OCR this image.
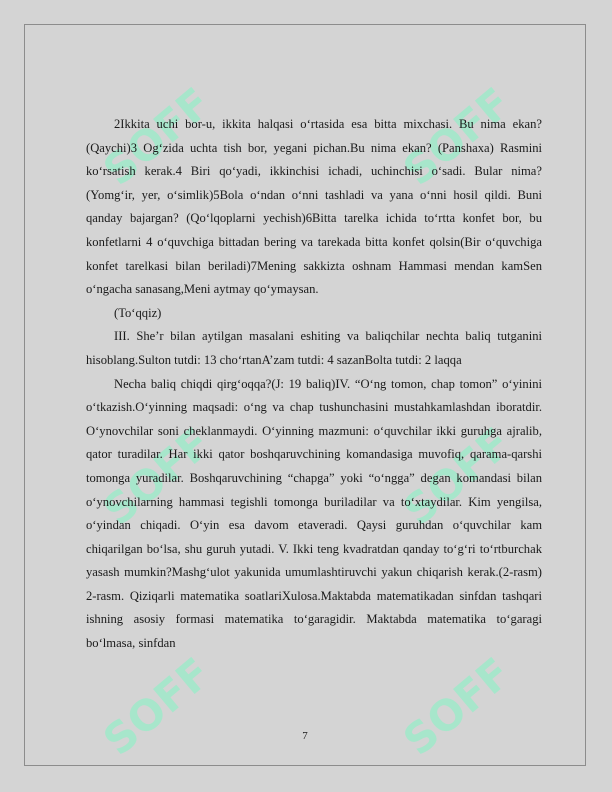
SOFF	SOFF
SOFF	SOFF
SOFF	SOFF

2Ikkita uchi bor-u, ikkita halqasi o‘rtasida esa bitta mixchasi. Bu nima ekan? (Qaychi)3 Og‘zida uchta tish bor, yegani pichan.Bu nima ekan? (Panshaxa) Rasmini ko‘rsatish kerak.4 Biri qo‘yadi, ikkinchisi ichadi, uchinchisi o‘sadi. Bular nima? (Yomg‘ir, yer, o‘simlik)5Bola o‘ndan o‘nni tashladi va yana o‘nni hosil qildi. Buni qanday bajargan? (Qo‘lqoplarni yechish)6Bitta tarelka ichida to‘rtta konfet bor, bu konfetlarni 4 o‘quvchiga bittadan bering va tarekada bitta konfet qolsin(Bir o‘quvchiga konfet tarelkasi bilan beriladi)7Mening sakkizta oshnam Hammasi mendan kamSen o‘ngacha sanasang,Meni aytmay qo‘ymaysan.

(To‘qqiz)

III. She’r bilan aytilgan masalani eshiting va baliqchilar nechta baliq tutganini hisoblang.Sulton tutdi: 13 cho‘rtanA’zam tutdi: 4 sazanBolta tutdi: 2 laqqa

Necha baliq chiqdi qirg‘oqqa?(J: 19 baliq)IV. “O‘ng tomon, chap tomon” o‘yinini o‘tkazish.O‘yinning maqsadi: o‘ng va chap tushunchasini mustahkamlashdan iboratdir. O‘ynovchilar soni cheklanmaydi. O‘yinning mazmuni: o‘quvchilar ikki guruhga ajralib, qator turadilar. Har ikki qator boshqaruvchining komandasiga muvofiq, qarama-qarshi tomonga yuradilar. Boshqaruvchining “chapga” yoki “o‘ngga” degan komandasi bilan o‘ynovchilarning hammasi tegishli tomonga buriladilar va to‘xtaydilar. Kim yengilsa, o‘yindan chiqadi. O‘yin esa davom etaveradi. Qaysi guruhdan o‘quvchilar kam chiqarilgan bo‘lsa, shu guruh yutadi. V. Ikki teng kvadratdan qanday to‘g‘ri to‘rtburchak yasash mumkin?Mashg‘ulot yakunida umumlashtiruvchi yakun chiqarish kerak.(2-rasm) 2-rasm. Qiziqarli matematika soatlariXulosa.Maktabda matematikadan sinfdan tashqari ishning asosiy formasi matematika to‘garagidir. Maktabda matematika to‘garagi bo‘lmasa, sinfdan

7
